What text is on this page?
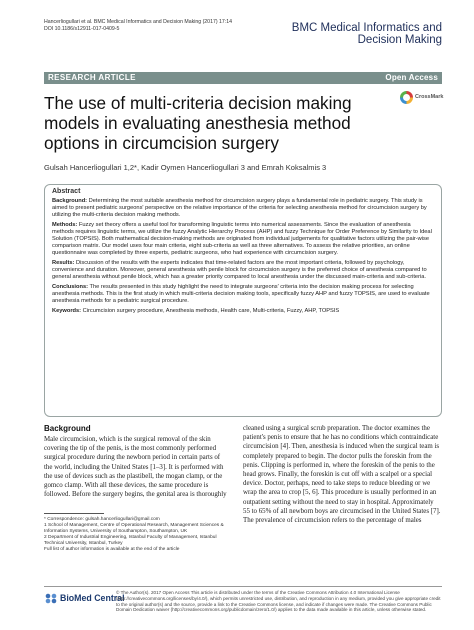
Hancerliogullari et al. BMC Medical Informatics and Decision Making (2017) 17:14
DOI 10.1186/s12911-017-0409-5	BMC Medical Informatics and
Decision Making
RESEARCH ARTICLE	Open Access
The use of multi-criteria decision making
models in evaluating anesthesia method
options in circumcision surgery
CrossMark
Gulsah Hancerliogullari 1,2*, Kadir Oymen Hancerliogullari 3 and Emrah Koksalmis 3
Abstract

Background: Determining the most suitable anesthesia method for circumcision surgery plays a fundamental role in pediatric surgery. This study is aimed to present pediatric surgeons' perspective on the relative importance of the criteria for selecting anesthesia method for circumcision surgery by utilizing the multi-criteria decision making methods.

Methods: Fuzzy set theory offers a useful tool for transforming linguistic terms into numerical assessments. Since the evaluation of anesthesia methods requires linguistic terms, we utilize the fuzzy Analytic Hierarchy Process (AHP) and fuzzy Technique for Order Preference by Similarity to Ideal Solution (TOPSIS). Both mathematical decision-making methods are originated from individual judgements for qualitative factors utilizing the pair-wise comparison matrix. Our model uses four main criteria, eight sub-criteria as well as three alternatives. To assess the relative priorities, an online questionnaire was completed by three experts, pediatric surgeons, who had experience with circumcision surgery.

Results: Discussion of the results with the experts indicates that time-related factors are the most important criteria, followed by psychology, convenience and duration. Moreover, general anesthesia with penile block for circumcision surgery is the preferred choice of anesthesia compared to general anesthesia without penile block, which has a greater priority compared to local anesthesia under the discussed main-criteria and sub-criteria.

Conclusions: The results presented in this study highlight the need to integrate surgeons' criteria into the decision making process for selecting anesthesia methods. This is the first study in which multi-criteria decision making tools, specifically fuzzy AHP and fuzzy TOPSIS, are used to evaluate anesthesia methods for a pediatric surgical procedure.

Keywords: Circumcision surgery procedure, Anesthesia methods, Health care, Multi-criteria, Fuzzy, AHP, TOPSIS

Background

Male circumcision, which is the surgical removal of the skin covering the tip of the penis, is the most commonly performed surgical procedure during the newborn period in certain parts of the world, including the United States [1–3]. It is performed with the use of devices such as the plastibell, the mogan clamp, or the gomco clamp. With all these devices, the same procedure is followed. Before the surgery begins, the genital area is thoroughly

* Correspondence: gulsah.hancerliogullari@gmail.com
1 School of Management, Centre of Operational Research, Management Sciences & Information Systems, University of Southampton, Southampton, UK
2 Department of Industrial Engineering, Istanbul Faculty of Management, Istanbul Technical University, Istanbul, Turkey
Full list of author information is available at the end of the article

cleaned using a surgical scrub preparation. The doctor examines the patient's penis to ensure that he has no conditions which contraindicate circumcision [4]. Then, anesthesia is induced when the surgical team is completely prepared to begin. The doctor pulls the foreskin from the penis. Clipping is performed in, where the foreskin of the penis to the head grows. Finally, the foreskin is cut off with a scalpel or a special device. Doctor, perhaps, need to take steps to reduce bleeding or we wrap the area to crop [5, 6]. This procedure is usually performed in an outpatient setting without the need to stay in hospital. Approximately 55 to 65% of all newborn boys are circumcised in the United States [7]. The prevalence of circumcision refers to the percentage of males

BioMed Central
© The Author(s). 2017 Open Access This article is distributed under the terms of the Creative Commons Attribution 4.0 International License (http://creativecommons.org/licenses/by/4.0/), which permits unrestricted use, distribution, and reproduction in any medium, provided you give appropriate credit to the original author(s) and the source, provide a link to the Creative Commons license, and indicate if changes were made. The Creative Commons Public Domain Dedication waiver (http://creativecommons.org/publicdomain/zero/1.0/) applies to the data made available in this article, unless otherwise stated.
